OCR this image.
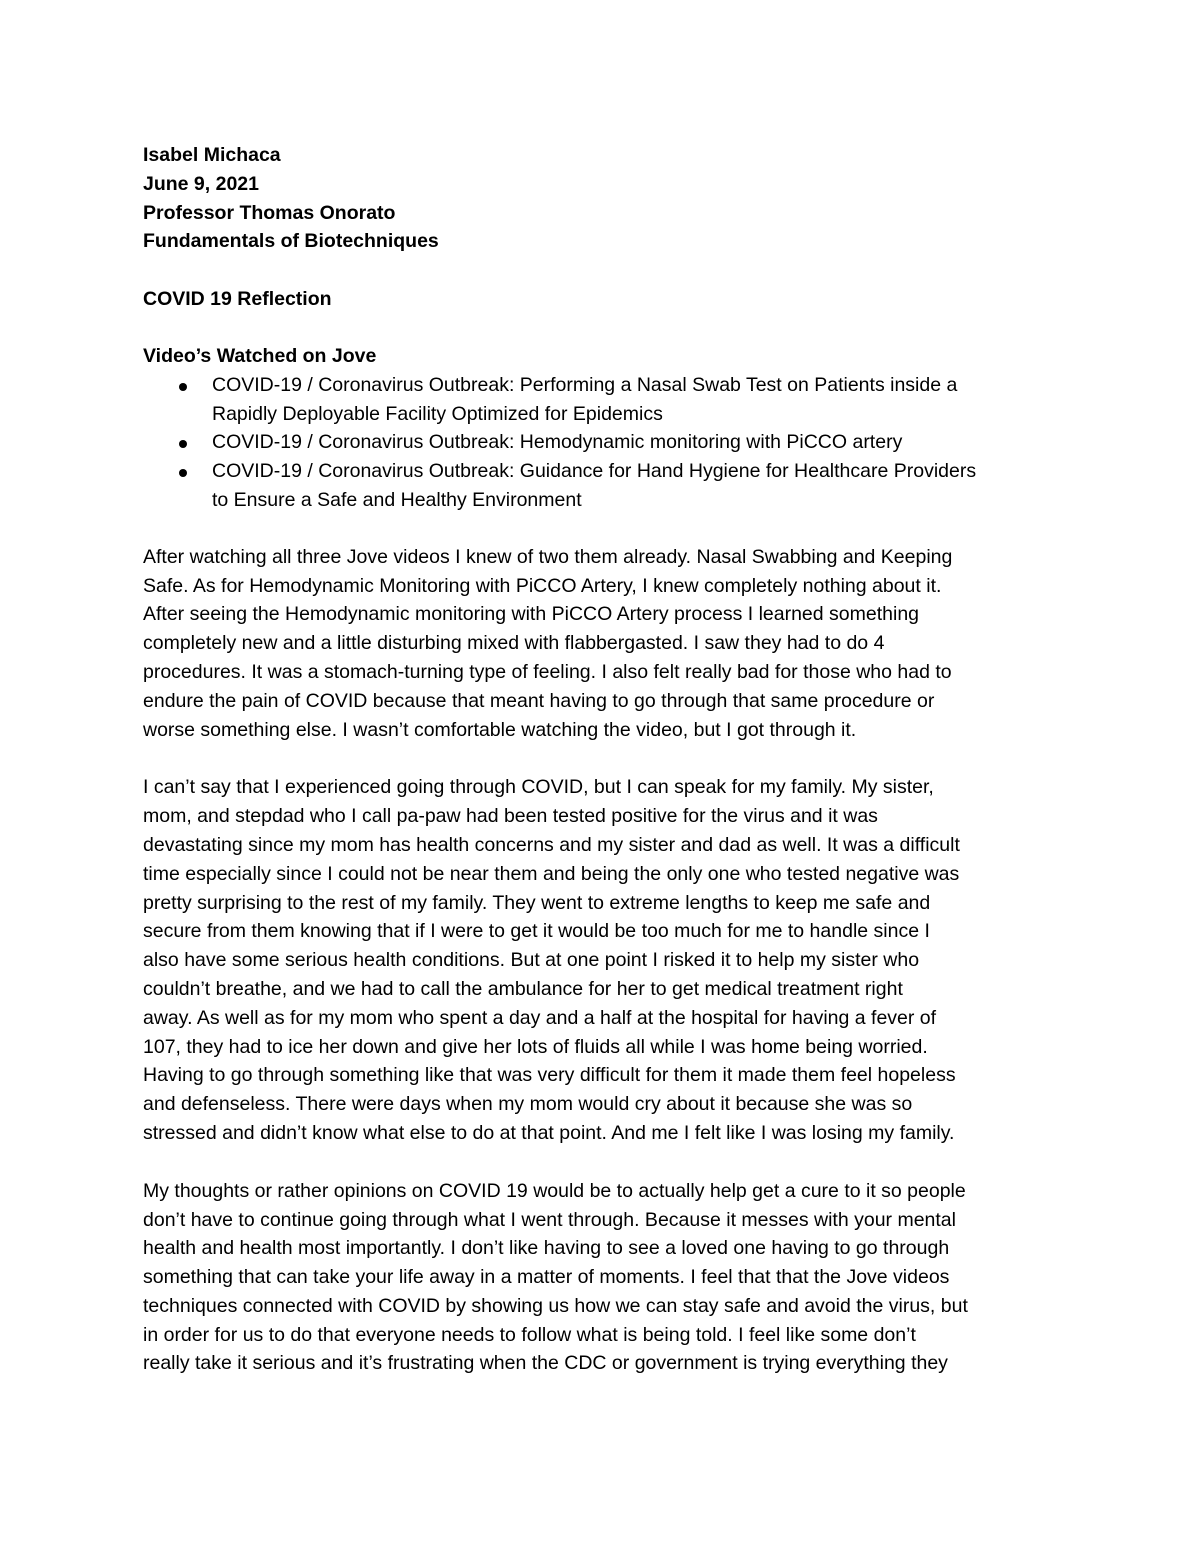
Isabel Michaca
June 9, 2021
Professor Thomas Onorato
Fundamentals of Biotechniques
COVID 19 Reflection
Video’s Watched on Jove
COVID-19 / Coronavirus Outbreak: Performing a Nasal Swab Test on Patients inside a
Rapidly Deployable Facility Optimized for Epidemics
COVID-19 / Coronavirus Outbreak: Hemodynamic monitoring with PiCCO artery
COVID-19 / Coronavirus Outbreak: Guidance for Hand Hygiene for Healthcare Providers
to Ensure a Safe and Healthy Environment
After watching all three Jove videos I knew of two them already. Nasal Swabbing and Keeping
Safe. As for Hemodynamic Monitoring with PiCCO Artery, I knew completely nothing about it.
After seeing the Hemodynamic monitoring with PiCCO Artery process I learned something
completely new and a little disturbing mixed with flabbergasted. I saw they had to do 4
procedures. It was a stomach-turning type of feeling. I also felt really bad for those who had to
endure the pain of COVID because that meant having to go through that same procedure or
worse something else. I wasn’t comfortable watching the video, but I got through it.
I can’t say that I experienced going through COVID, but I can speak for my family. My sister,
mom, and stepdad who I call pa-paw had been tested positive for the virus and it was
devastating since my mom has health concerns and my sister and dad as well. It was a difficult
time especially since I could not be near them and being the only one who tested negative was
pretty surprising to the rest of my family. They went to extreme lengths to keep me safe and
secure from them knowing that if I were to get it would be too much for me to handle since I
also have some serious health conditions. But at one point I risked it to help my sister who
couldn’t breathe, and we had to call the ambulance for her to get medical treatment right
away. As well as for my mom who spent a day and a half at the hospital for having a fever of
107, they had to ice her down and give her lots of fluids all while I was home being worried.
Having to go through something like that was very difficult for them it made them feel hopeless
and defenseless. There were days when my mom would cry about it because she was so
stressed and didn’t know what else to do at that point. And me I felt like I was losing my family.
My thoughts or rather opinions on COVID 19 would be to actually help get a cure to it so people
don’t have to continue going through what I went through. Because it messes with your mental
health and health most importantly. I don’t like having to see a loved one having to go through
something that can take your life away in a matter of moments. I feel that that the Jove videos
techniques connected with COVID by showing us how we can stay safe and avoid the virus, but
in order for us to do that everyone needs to follow what is being told. I feel like some don’t
really take it serious and it’s frustrating when the CDC or government is trying everything they
